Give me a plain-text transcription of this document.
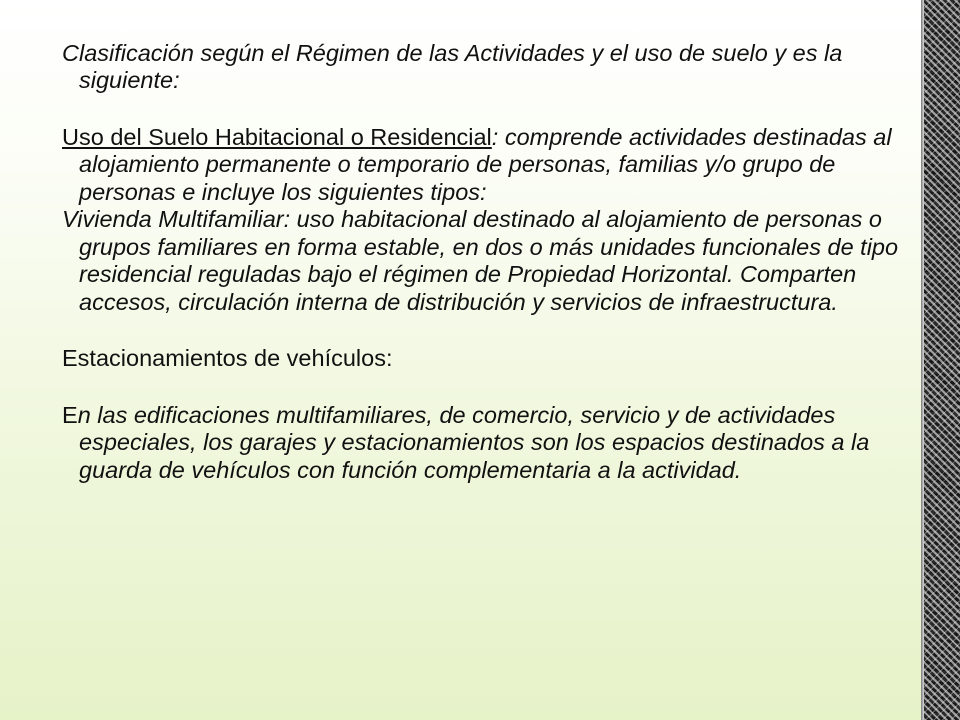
Clasificación según el Régimen de las Actividades y el uso de suelo y es la siguiente:

Uso del Suelo Habitacional o Residencial: comprende actividades destinadas al alojamiento permanente o temporario de personas, familias y/o grupo de personas e incluye los siguientes tipos:

Vivienda Multifamiliar: uso habitacional destinado al alojamiento de personas o grupos familiares en forma estable, en dos o más unidades funcionales de tipo residencial reguladas bajo el régimen de Propiedad Horizontal. Comparten accesos, circulación interna de distribución y servicios de infraestructura.

Estacionamientos de vehículos:

En las edificaciones multifamiliares, de comercio, servicio y de actividades especiales, los garajes y estacionamientos son los espacios destinados a la guarda de vehículos con función complementaria a la actividad.
